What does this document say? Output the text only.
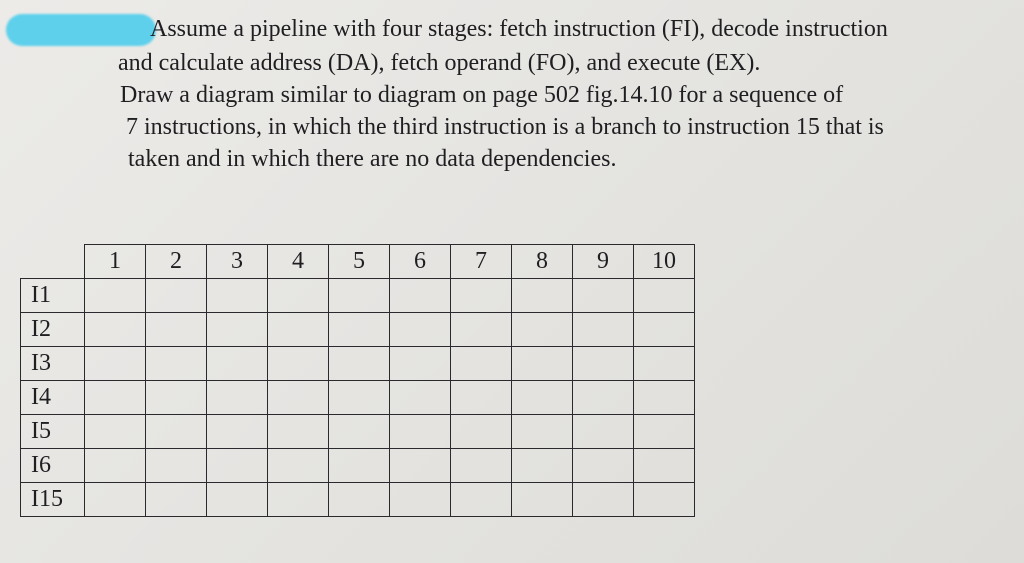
Assume a pipeline with four stages: fetch instruction (FI), decode instruction
and calculate address (DA), fetch operand (FO), and execute (EX).
Draw a diagram similar to diagram on page 502 fig.14.10 for a sequence of
7 instructions, in which the third instruction is a branch to instruction 15 that is
taken and in which there are no data dependencies.
	1	2	3	4	5	6	7	8	9	10
I1										
I2										
I3										
I4										
I5										
I6										
I15										
